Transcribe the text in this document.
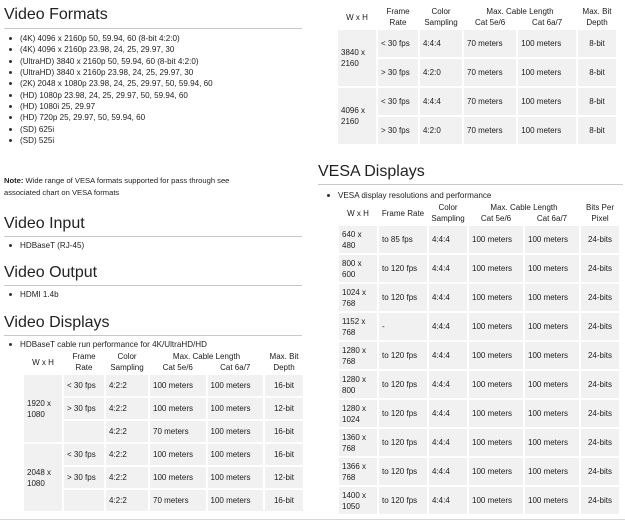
Video Formats
(4K) 4096 x 2160p 50, 59.94, 60 (8-bit 4:2:0)
(4K) 4096 x 2160p 23.98, 24, 25, 29.97, 30
(UltraHD) 3840 x 2160p 50, 59.94, 60 (8-bit 4:2:0)
(UltraHD) 3840 x 2160p 23.98, 24, 25, 29.97, 30
(2K) 2048 x 1080p 23.98, 24, 25, 29.97, 50, 59.94, 60
(HD) 1080p 23.98, 24, 25, 29.97, 50, 59.94, 60
(HD) 1080i 25, 29.97
(HD) 720p 25, 29.97, 50, 59.94, 60
(SD) 625i
(SD) 525i
Note: Wide range of VESA formats supported for pass through see
associated chart on VESA formats
Video Input
HDBaseT (RJ-45)
Video Output
HDMI 1.4b
Video Displays
HDBaseT cable run performance for 4K/UltraHD/HD
W x H	Frame Rate	Color Sampling	Max. Cable Length		Max. Bit Depth
			Cat 5e/6	Cat 6a/7	
1920 x 1080	< 30 fps	4:2:2	100 meters	100 meters	16-bit
	> 30 fps	4:2:2	100 meters	100 meters	12-bit
		4:2:2	70 meters	100 meters	16-bit
2048 x 1080	< 30 fps	4:2:2	100 meters	100 meters	16-bit
	> 30 fps	4:2:2	100 meters	100 meters	12-bit
		4:2:2	70 meters	100 meters	16-bit
W x H	Frame Rate	Color Sampling	Max. Cable Length		Max. Bit Depth
			Cat 5e/6	Cat 6a/7	
3840 x 2160	< 30 fps	4:4:4	70 meters	100 meters	8-bit
	> 30 fps	4:2:0	70 meters	100 meters	8-bit
4096 x 2160	< 30 fps	4:4:4	70 meters	100 meters	8-bit
	> 30 fps	4:2:0	70 meters	100 meters	8-bit
VESA Displays
VESA display resolutions and performance
W x H	Frame Rate	Color Sampling	Max. Cable Length		Bits Per Pixel
			Cat 5e/6	Cat 6a/7	
640 x 480	to 85 fps	4:4:4	100 meters	100 meters	24-bits
800 x 600	to 120 fps	4:4:4	100 meters	100 meters	24-bits
1024 x 768	to 120 fps	4:4:4	100 meters	100 meters	24-bits
1152 x 768	-	4:4:4	100 meters	100 meters	24-bits
1280 x 768	to 120 fps	4:4:4	100 meters	100 meters	24-bits
1280 x 800	to 120 fps	4:4:4	100 meters	100 meters	24-bits
1280 x 1024	to 120 fps	4:4:4	100 meters	100 meters	24-bits
1360 x 768	to 120 fps	4:4:4	100 meters	100 meters	24-bits
1366 x 768	to 120 fps	4:4:4	100 meters	100 meters	24-bits
1400 x 1050	to 120 fps	4:4:4	100 meters	100 meters	24-bits
